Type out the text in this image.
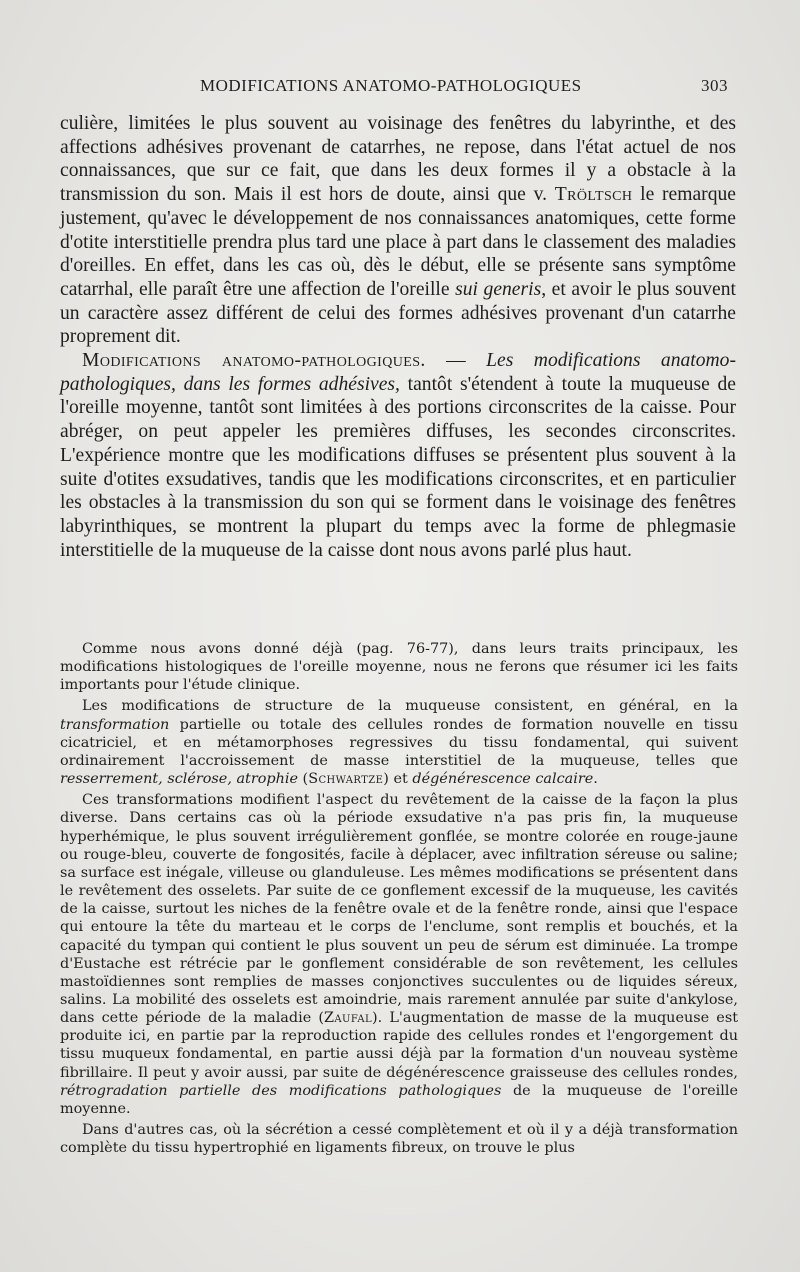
MODIFICATIONS ANATOMO-PATHOLOGIQUES	303

culière, limitées le plus souvent au voisinage des fenêtres du labyrinthe, et des affections adhésives provenant de catarrhes, ne repose, dans l'état actuel de nos connaissances, que sur ce fait, que dans les deux formes il y a obstacle à la transmission du son. Mais il est hors de doute, ainsi que v. Tröltsch le remarque justement, qu'avec le développement de nos connaissances anatomiques, cette forme d'otite interstitielle prendra plus tard une place à part dans le classement des maladies d'oreilles. En effet, dans les cas où, dès le début, elle se présente sans symptôme catarrhal, elle paraît être une affection de l'oreille sui generis, et avoir le plus souvent un caractère assez différent de celui des formes adhésives provenant d'un catarrhe proprement dit.

Modifications anatomo-pathologiques. — Les modifications anatomo-pathologiques, dans les formes adhésives, tantôt s'étendent à toute la muqueuse de l'oreille moyenne, tantôt sont limitées à des portions circonscrites de la caisse. Pour abréger, on peut appeler les premières diffuses, les secondes circonscrites. L'expérience montre que les modifications diffuses se présentent plus souvent à la suite d'otites exsudatives, tandis que les modifications circonscrites, et en particulier les obstacles à la transmission du son qui se forment dans le voisinage des fenêtres labyrinthiques, se montrent la plupart du temps avec la forme de phlegmasie interstitielle de la muqueuse de la caisse dont nous avons parlé plus haut.

Comme nous avons donné déjà (pag. 76-77), dans leurs traits principaux, les modifications histologiques de l'oreille moyenne, nous ne ferons que résumer ici les faits importants pour l'étude clinique.

Les modifications de structure de la muqueuse consistent, en général, en la transformation partielle ou totale des cellules rondes de formation nouvelle en tissu cicatriciel, et en métamorphoses regressives du tissu fondamental, qui suivent ordinairement l'accroissement de masse interstitiel de la muqueuse, telles que resserrement, sclérose, atrophie (Schwartze) et dégénérescence calcaire.

Ces transformations modifient l'aspect du revêtement de la caisse de la façon la plus diverse. Dans certains cas où la période exsudative n'a pas pris fin, la muqueuse hyperhémique, le plus souvent irrégulièrement gonflée, se montre colorée en rouge-jaune ou rouge-bleu, couverte de fongosités, facile à déplacer, avec infiltration séreuse ou saline; sa surface est inégale, villeuse ou glanduleuse. Les mêmes modifications se présentent dans le revêtement des osselets. Par suite de ce gonflement excessif de la muqueuse, les cavités de la caisse, surtout les niches de la fenêtre ovale et de la fenêtre ronde, ainsi que l'espace qui entoure la tête du marteau et le corps de l'enclume, sont remplis et bouchés, et la capacité du tympan qui contient le plus souvent un peu de sérum est diminuée. La trompe d'Eustache est rétrécie par le gonflement considérable de son revêtement, les cellules mastoïdiennes sont remplies de masses conjonctives succulentes ou de liquides séreux, salins. La mobilité des osselets est amoindrie, mais rarement annulée par suite d'ankylose, dans cette période de la maladie (Zaufal). L'augmentation de masse de la muqueuse est produite ici, en partie par la reproduction rapide des cellules rondes et l'engorgement du tissu muqueux fondamental, en partie aussi déjà par la formation d'un nouveau système fibrillaire. Il peut y avoir aussi, par suite de dégénérescence graisseuse des cellules rondes, rétrogradation partielle des modifications pathologiques de la muqueuse de l'oreille moyenne.

Dans d'autres cas, où la sécrétion a cessé complètement et où il y a déjà transformation complète du tissu hypertrophié en ligaments fibreux, on trouve le plus
